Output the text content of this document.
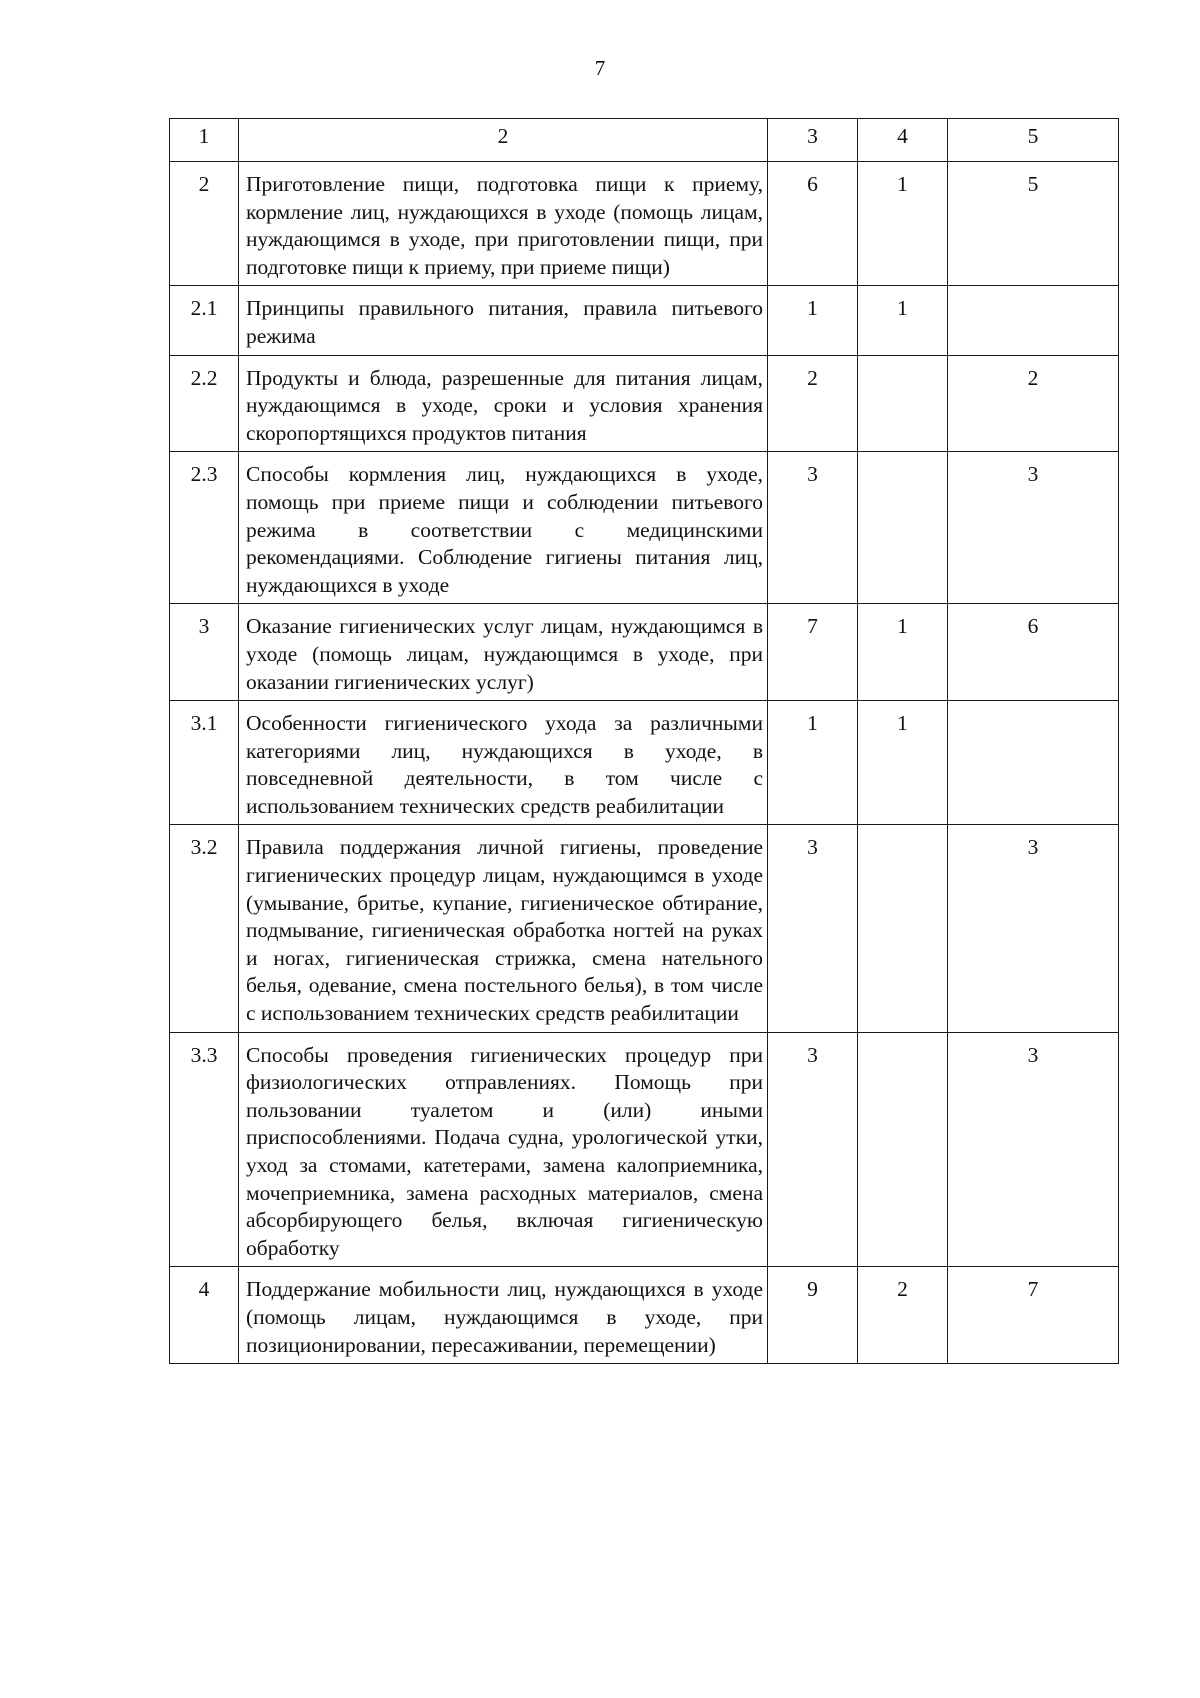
7
1	2	3	4	5
2	Приготовление пищи, подготовка пищи к приему, кормление лиц, нуждающихся в уходе (помощь лицам, нуждающимся в уходе, при приготовлении пищи, при подготовке пищи к приему, при приеме пищи)	6	1	5
2.1	Принципы правильного питания, правила питьевого режима	1	1	
2.2	Продукты и блюда, разрешенные для питания лицам, нуждающимся в уходе, сроки и условия хранения скоропортящихся продуктов питания	2		2
2.3	Способы кормления лиц, нуждающихся в уходе, помощь при приеме пищи и соблюдении питьевого режима в соответствии с медицинскими рекомендациями. Соблюдение гигиены питания лиц, нуждающихся в уходе	3		3
3	Оказание гигиенических услуг лицам, нуждающимся в уходе (помощь лицам, нуждающимся в уходе, при оказании гигиенических услуг)	7	1	6
3.1	Особенности гигиенического ухода за различными категориями лиц, нуждающихся в уходе, в повседневной деятельности, в том числе с использованием технических средств реабилитации	1	1	
3.2	Правила поддержания личной гигиены, проведение гигиенических процедур лицам, нуждающимся в уходе (умывание, бритье, купание, гигиеническое обтирание, подмывание, гигиеническая обработка ногтей на руках и ногах, гигиеническая стрижка, смена нательного белья, одевание, смена постельного белья), в том числе с использованием технических средств реабилитации	3		3
3.3	Способы проведения гигиенических процедур при физиологических отправлениях. Помощь при пользовании туалетом и (или) иными приспособлениями. Подача судна, урологической утки, уход за стомами, катетерами, замена калоприемника, мочеприемника, замена расходных материалов, смена абсорбирующего белья, включая гигиеническую обработку	3		3
4	Поддержание мобильности лиц, нуждающихся в уходе (помощь лицам, нуждающимся в уходе, при позиционировании, пересаживании, перемещении)	9	2	7
